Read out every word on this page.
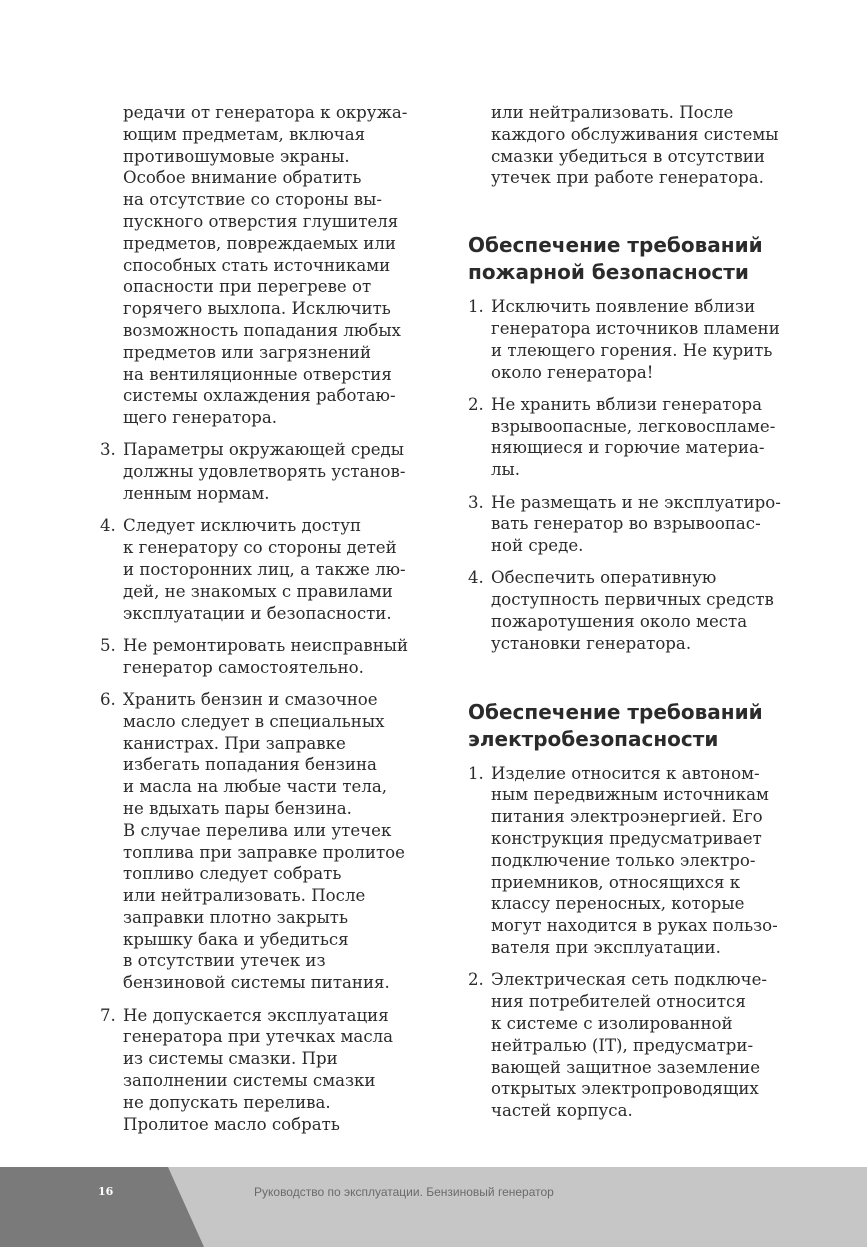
редачи от генератора к окружа-
ющим предметам, включая
противошумовые экраны.
Особое внимание обратить
на отсутствие со стороны вы-
пускного отверстия глушителя
предметов, повреждаемых или
способных стать источниками
опасности при перегреве от
горячего выхлопа. Исключить
возможность попадания любых
предметов или загрязнений
на вентиляционные отверстия
системы охлаждения работаю-
щего генератора.
3. Параметры окружающей среды
должны удовлетворять установ-
ленным нормам.
4. Следует исключить доступ
к генератору со стороны детей
и посторонних лиц, а также лю-
дей, не знакомых с правилами
эксплуатации и безопасности.
5. Не ремонтировать неисправный
генератор самостоятельно.
6. Хранить бензин и смазочное
масло следует в специальных
канистрах. При заправке
избегать попадания бензина
и масла на любые части тела,
не вдыхать пары бензина.
В случае перелива или утечек
топлива при заправке пролитое
топливо следует собрать
или нейтрализовать. После
заправки плотно закрыть
крышку бака и убедиться
в отсутствии утечек из
бензиновой системы питания.
7. Не допускается эксплуатация
генератора при утечках масла
из системы смазки. При
заполнении системы смазки
не допускать перелива.
Пролитое масло собрать
или нейтрализовать. После
каждого обслуживания системы
смазки убедиться в отсутствии
утечек при работе генератора.
Обеспечение требований
пожарной безопасности
1. Исключить появление вблизи
генератора источников пламени
и тлеющего горения. Не курить
около генератора!
2. Не хранить вблизи генератора
взрывоопасные, легковоспламе-
няющиеся и горючие материа-
лы.
3. Не размещать и не эксплуатиро-
вать генератор во взрывоопас-
ной среде.
4. Обеспечить оперативную
доступность первичных средств
пожаротушения около места
установки генератора.
Обеспечение требований
электробезопасности
1. Изделие относится к автоном-
ным передвижным источникам
питания электроэнергией. Его
конструкция предусматривает
подключение только электро-
приемников, относящихся к
классу переносных, которые
могут находится в руках пользо-
вателя при эксплуатации.
2. Электрическая сеть подключе-
ния потребителей относится
к системе с изолированной
нейтралью (IT), предусматри-
вающей защитное заземление
открытых электропроводящих
частей корпуса.
16	Руководство по эксплуатации. Бензиновый генератор
